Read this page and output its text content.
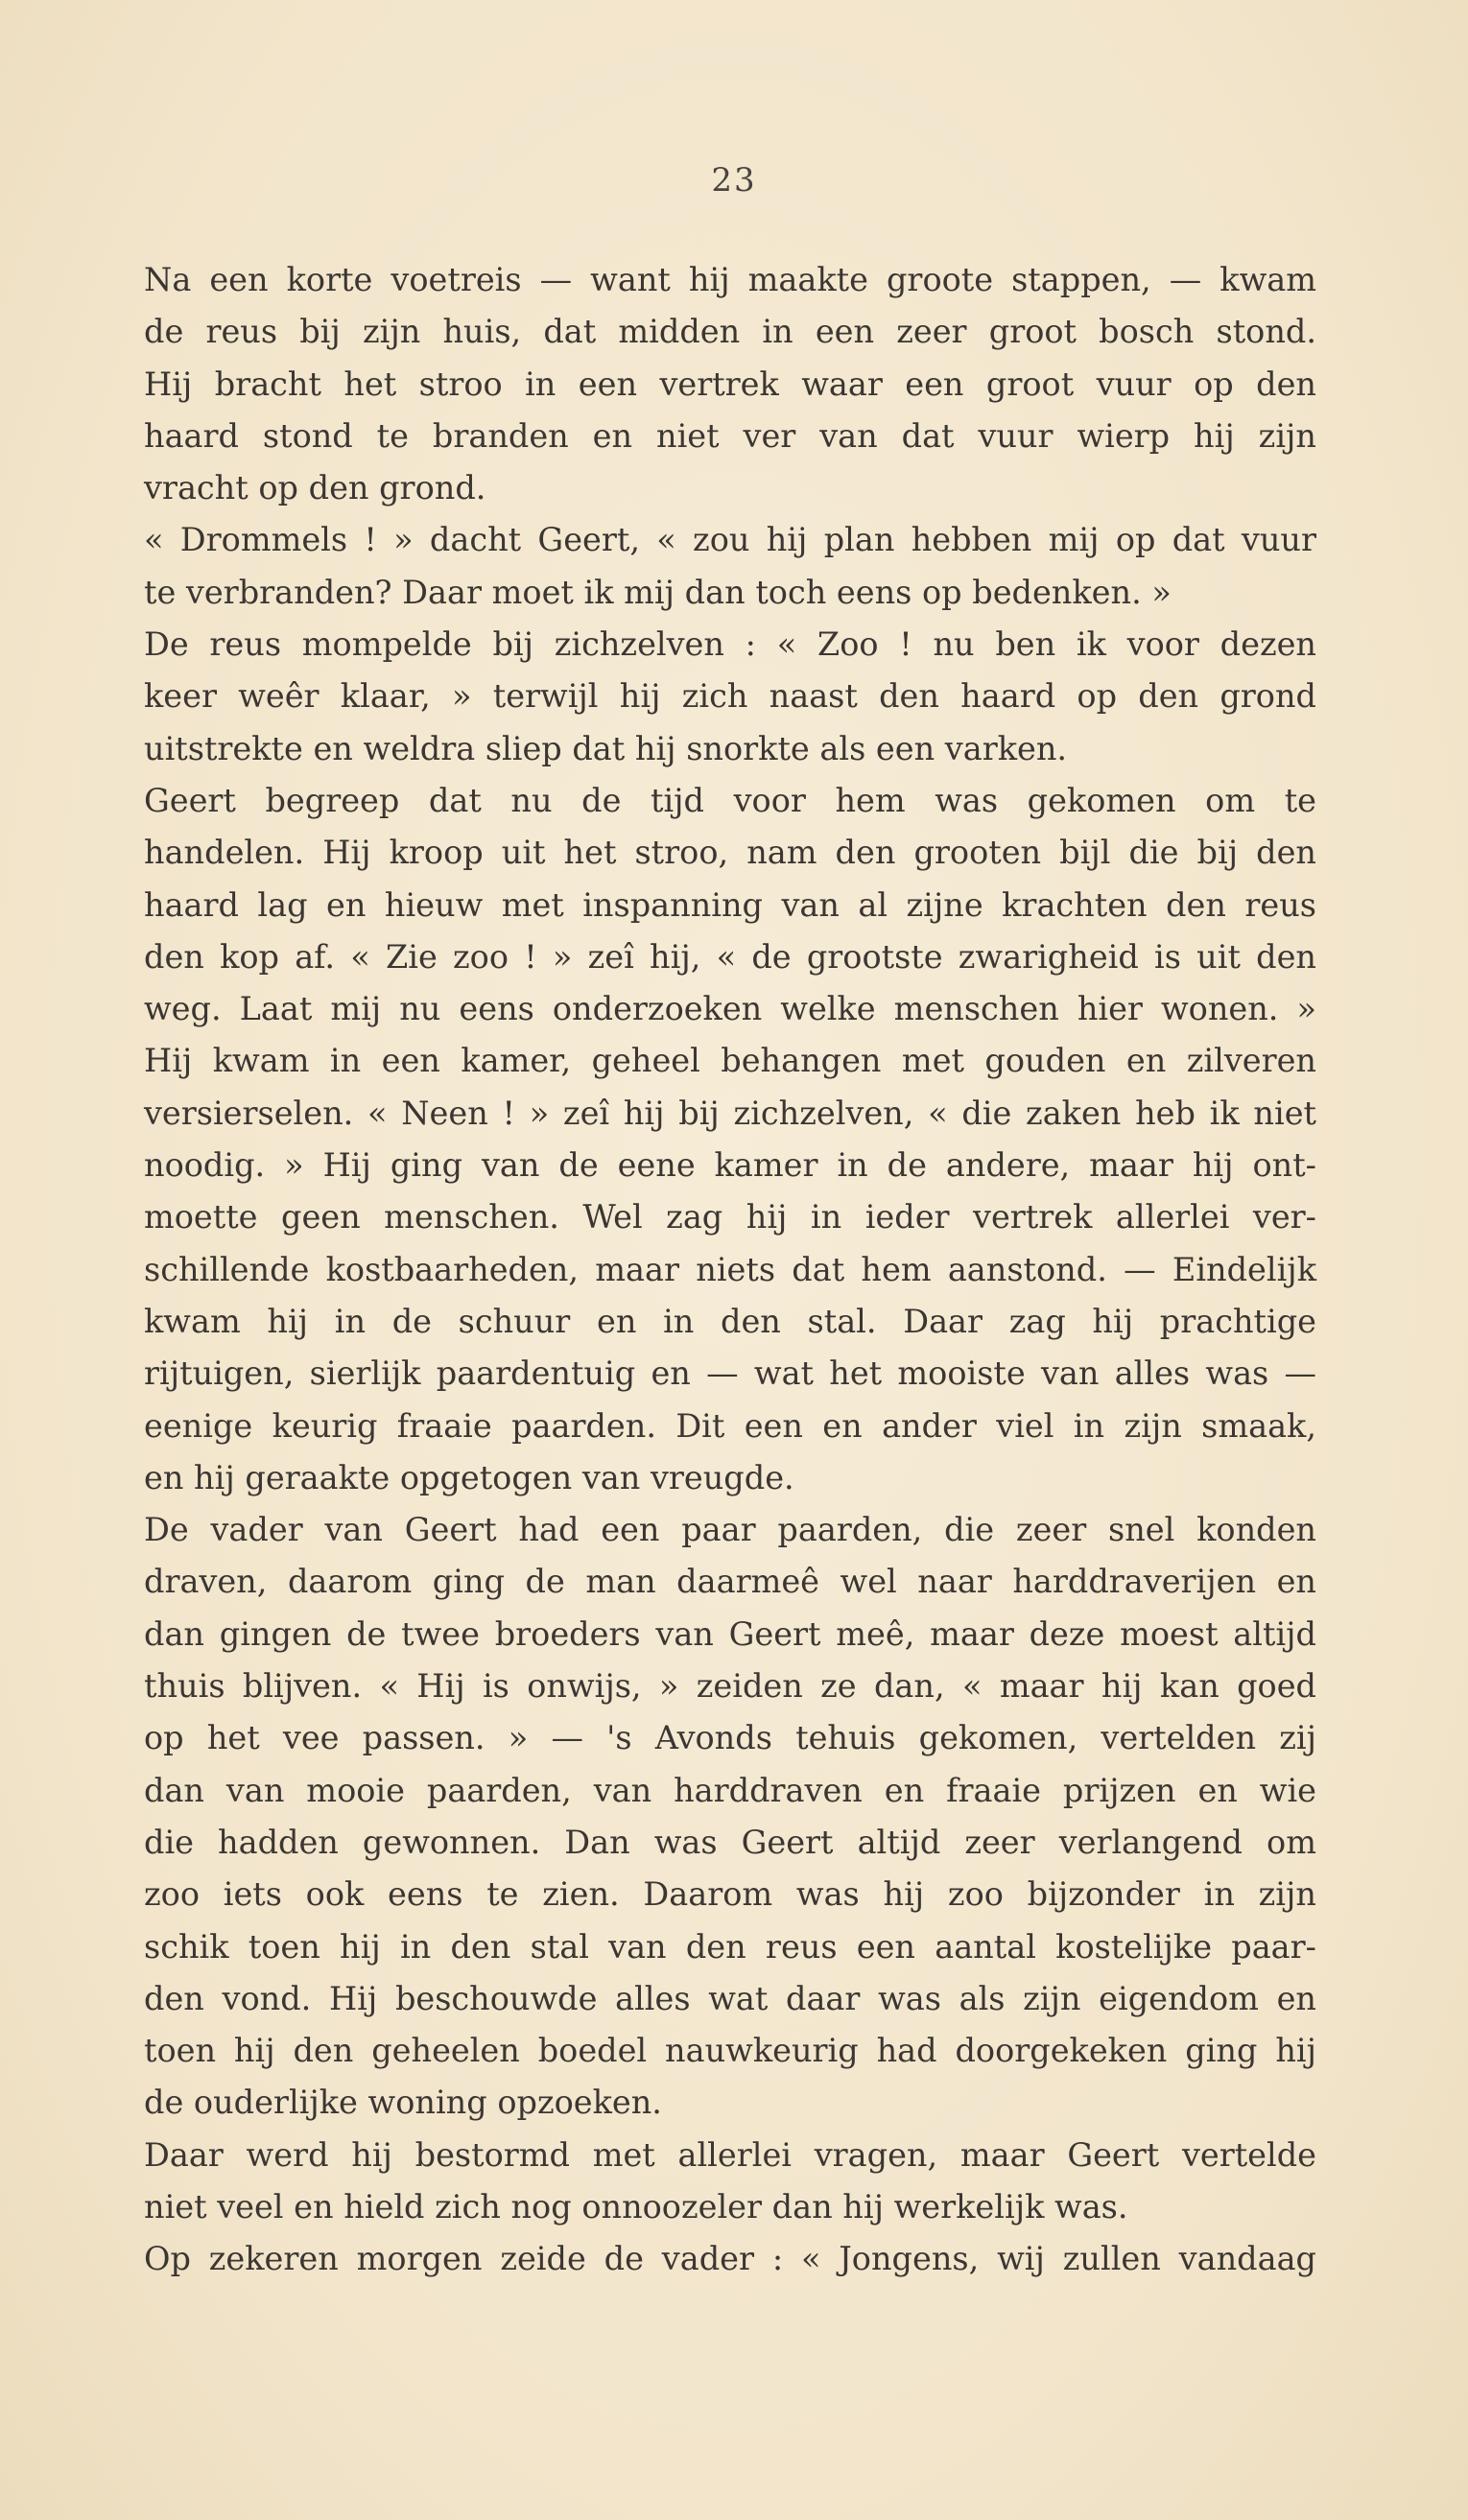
23
Na een korte voetreis — want hij maakte groote stappen, — kwam
de reus bij zijn huis, dat midden in een zeer groot bosch stond.
Hij bracht het stroo in een vertrek waar een groot vuur op den
haard stond te branden en niet ver van dat vuur wierp hij zijn
vracht op den grond.
« Drommels ! » dacht Geert, « zou hij plan hebben mij op dat vuur
te verbranden? Daar moet ik mij dan toch eens op bedenken. »
De reus mompelde bij zichzelven : « Zoo ! nu ben ik voor dezen
keer weêr klaar, » terwijl hij zich naast den haard op den grond
uitstrekte en weldra sliep dat hij snorkte als een varken.
Geert begreep dat nu de tijd voor hem was gekomen om te
handelen. Hij kroop uit het stroo, nam den grooten bijl die bij den
haard lag en hieuw met inspanning van al zijne krachten den reus
den kop af. « Zie zoo ! » zeî hij, « de grootste zwarigheid is uit den
weg. Laat mij nu eens onderzoeken welke menschen hier wonen. »
Hij kwam in een kamer, geheel behangen met gouden en zilveren
versierselen. « Neen ! » zeî hij bij zichzelven, « die zaken heb ik niet
noodig. » Hij ging van de eene kamer in de andere, maar hij ont-
moette geen menschen. Wel zag hij in ieder vertrek allerlei ver-
schillende kostbaarheden, maar niets dat hem aanstond. — Eindelijk
kwam hij in de schuur en in den stal. Daar zag hij prachtige
rijtuigen, sierlijk paardentuig en — wat het mooiste van alles was —
eenige keurig fraaie paarden. Dit een en ander viel in zijn smaak,
en hij geraakte opgetogen van vreugde.
De vader van Geert had een paar paarden, die zeer snel konden
draven, daarom ging de man daarmeê wel naar harddraverijen en
dan gingen de twee broeders van Geert meê, maar deze moest altijd
thuis blijven. « Hij is onwijs, » zeiden ze dan, « maar hij kan goed
op het vee passen. » — 's Avonds tehuis gekomen, vertelden zij
dan van mooie paarden, van harddraven en fraaie prijzen en wie
die hadden gewonnen. Dan was Geert altijd zeer verlangend om
zoo iets ook eens te zien. Daarom was hij zoo bijzonder in zijn
schik toen hij in den stal van den reus een aantal kostelijke paar-
den vond. Hij beschouwde alles wat daar was als zijn eigendom en
toen hij den geheelen boedel nauwkeurig had doorgekeken ging hij
de ouderlijke woning opzoeken.
Daar werd hij bestormd met allerlei vragen, maar Geert vertelde
niet veel en hield zich nog onnoozeler dan hij werkelijk was.
Op zekeren morgen zeide de vader : « Jongens, wij zullen vandaag
